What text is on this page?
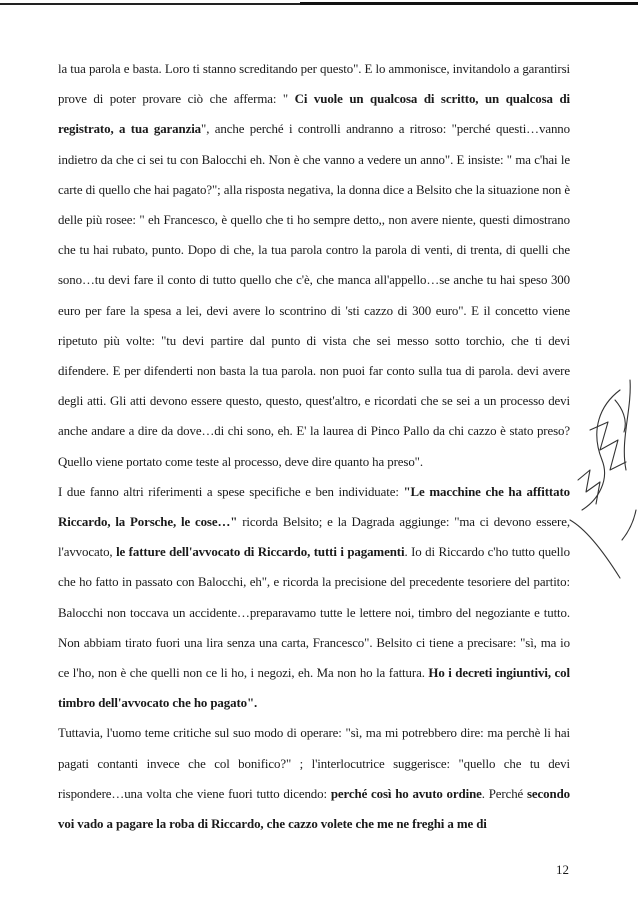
la tua parola e basta. Loro ti stanno screditando per questo". E lo ammonisce, invitandolo a garantirsi prove di poter provare ciò che afferma: " Ci vuole un qualcosa di scritto, un qualcosa di registrato, a tua garanzia", anche perché i controlli andranno a ritroso: "perché questi…vanno indietro da che ci sei tu con Balocchi eh. Non è che vanno a vedere un anno". E insiste: " ma c'hai le carte di quello che hai pagato?"; alla risposta negativa, la donna dice a Belsito che la situazione non è delle più rosee: " eh Francesco, è quello che ti ho sempre detto,, non avere niente, questi dimostrano che tu hai rubato, punto. Dopo di che, la tua parola contro la parola di venti, di trenta, di quelli che sono…tu devi fare il conto di tutto quello che c'è, che manca all'appello…se anche tu hai speso 300 euro per fare la spesa a lei, devi avere lo scontrino di 'sti cazzo di 300 euro". E il concetto viene ripetuto più volte: "tu devi partire dal punto di vista che sei messo sotto torchio, che ti devi difendere. E per difenderti non basta la tua parola. non puoi far conto sulla tua di parola. devi avere degli atti. Gli atti devono essere questo, questo, quest'altro, e ricordati che se sei a un processo devi anche andare a dire da dove…di chi sono, eh. E' la laurea di Pinco Pallo da chi cazzo è stato preso? Quello viene portato come teste al processo, deve dire quanto ha preso".

I due fanno altri riferimenti a spese specifiche e ben individuate: "Le macchine che ha affittato Riccardo, la Porsche, le cose…" ricorda Belsito; e la Dagrada aggiunge: "ma ci devono essere, l'avvocato, le fatture dell'avvocato di Riccardo, tutti i pagamenti. Io di Riccardo c'ho tutto quello che ho fatto in passato con Balocchi, eh", e ricorda la precisione del precedente tesoriere del partito: Balocchi non toccava un accidente…preparavamo tutte le lettere noi, timbro del negoziante e tutto. Non abbiam tirato fuori una lira senza una carta, Francesco". Belsito ci tiene a precisare: "sì, ma io ce l'ho, non è che quelli non ce li ho, i negozi, eh. Ma non ho la fattura. Ho i decreti ingiuntivi, col timbro dell'avvocato che ho pagato".

Tuttavia, l'uomo teme critiche sul suo modo di operare: "sì, ma mi potrebbero dire: ma perchè li hai pagati contanti invece che col bonifico?" ; l'interlocutrice suggerisce: "quello che tu devi rispondere…una volta che viene fuori tutto dicendo: perché così ho avuto ordine. Perché secondo voi vado a pagare la roba di Riccardo, che cazzo volete che me ne freghi a me di

12
